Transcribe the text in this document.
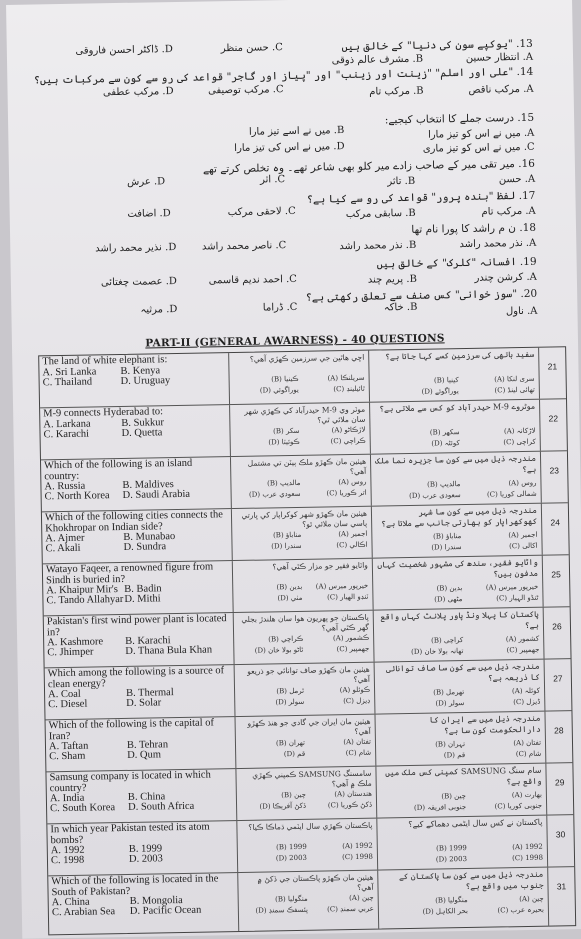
13. "یوکپے سون کی دنیا" کے خالق ہیں
A. انتظار حسین
B. مشرف عالم ذوقی
C. حسن منظر
D. ڈاکٹر احسن فاروقی
14. "علی اور اسلم" "زینت اور زینب" اور "پیاز اور گاجر" قواعد کی رو سے کون سے مرکبات ہیں؟
A. مرکب ناقص
B. مرکب تام
C. مرکب توصیفی
D. مرکب عطفی
15. درست جملے کا انتخاب کیجیے:
A. میں نے اس کو تیز مارا
C. میں نے اس کو تیز ماری
B. میں نے اسے تیز مارا
D. میں نے اس کی تیز مارا
16. میر تقی میر کے صاحب زادے میر کلو بھی شاعر تھے۔ وہ تخلص کرتے تھے
A. حسن
B. تاثر
C. اثر
D. عرش
17. لفظ "بندہ پرور" قواعد کی رو سے کیا ہے؟
A. مرکب تام
B. سابقی مرکب
C. لاحقی مرکب
D. اضافت
18. ن م راشد کا پورا نام تھا
A. نذر محمد راشد
B. نذر محمد راشد
C. ناصر محمد راشد
D. نذیر محمد راشد
19. افسانہ "کلرک" کے خالق ہیں
A. کرشن چندر
B. پریم چند
C. احمد ندیم قاسمی
D. عصمت چغتائی
20. "سوز خوانی" کس صنف سے تعلق رکھتی ہے؟
A. ناول
B. خاکہ
C. ڈراما
D. مرثیہ
PART-II (GENERAL AWARNESS) - 40 QUESTIONS
The land of white elephant is:
A. Sri Lanka B. Kenya
C. Thailand	D. Uruguay
اڇي هاٿين جي سرزمين ڪهڙي آهي؟
سريلنڪا (A)
ڪينيا (B)
ٿائيلينڊ (C)
يوراگوئي (D)
سفید ہاتھی کی سرزمین کسے کہا جاتا ہے؟
سری لنکا (A)
کینیا (B)
تھائی لینڈ (C)
یوراگوئے (D)
21
M-9 connects Hyderabad to:
A. Larkana	B. Sukkur
C. Karachi	D. Quetta
موٽر وي M-9 حيدرآباد کي ڪهڙي شهر سان ملائي ٿي؟
لاڙڪاڻو (A)
سکر (B)
ڪراچي (C)
ڪوئيٽا (D)
موٹروے M-9 حیدرآباد کو کس سے ملاتی ہے؟
لاڑکانہ (A)
سکھر (B)
کراچی (C)
کوئٹہ (D)
22
Which of the following is an island country:
A. Russia	B. Maldives
C. North Korea D. Saudi Arabia
هيٺين مان ڪهڙو ملڪ ٻيٽن تي مشتمل آهي؟
روس (A)
مالديپ (B)
اتر ڪوريا (C)
سعودي عرب (D)
مندرجہ ذیل میں سے کون سا جزیرہ نما ملک ہے؟
روس (A)
مالدیپ (B)
شمالی کوریا (C)
سعودی عرب (D)
23
Which of the following cities connects the Khokhropar on Indian side?
A. Ajmer	B. Munabao
C. Akali	D. Sundra
هيٺين مان ڪهڙو شهر کوکراپار کي ڀارتي پاسي سان ملائي ٿو؟
اجمير (A)
مناباؤ (B)
اڪالي (C)
سندرا (D)
مندرجہ ذیل میں سے کون سا شہر کھوکھراپار کو بھارتی جانب سے ملاتا ہے؟
اجمیر (A)
مناباؤ (B)
اکالی (C)
سندرا (D)
24
Watayo Faqeer, a renowned figure from Sindh is buried in?
A. Khaipur Mir's B. Badin
C. Tando Allahyar D. Mithi
واٽايو فقير جو مزار ڪٿي آهي؟
خيرپور ميرس (A)
بدين (B)
ٽنڊو الهيار (C)
مٺي (D)
واٹایو فقیر، سندھ کی مشہور شخصیت کہاں مدفون ہیں؟
خیرپور میرس (A)
بدین (B)
ٹنڈو الہیار (C)
مٹھی (D)
25
Pakistan's first wind power plant is located in?
A. Kashmore B. Karachi
C. Jhimper	D. Thana Bula Khan
پاڪستان جو پهريون هوا سان هلندڙ بجلي گهر ڪٿي آهي؟
ڪشمور (A)
ڪراچي (B)
جهمپير (C)
ٿاڻو بولا خان (D)
پاکستان کا پہلا ونڈ پاور پلانٹ کہاں واقع ہے؟
کشمور (A)
کراچی (B)
جھمپیر (C)
تھانہ بولا خان (D)
26
Which among the following is a source of clean energy?
A. Coal	B. Thermal
C. Diesel	D. Solar
هيٺين مان ڪهڙو صاف توانائي جو ذريعو آهي؟
ڪوئلو (A)
ٿرمل (B)
ڊيزل (C)
سولر (D)
مندرجہ ذیل میں سے کون سا صاف توانائی کا ذریعہ ہے؟
کوئلہ (A)
تھرمل (B)
ڈیزل (C)
سولر (D)
27
Which of the following is the capital of Iran?
A. Taftan	B. Tehran
C. Sham	D. Qum
هيٺين مان ايران جي گادي جو هنڌ ڪهڙو آهي؟
تفتان (A)
تهران (B)
شام (C)
قم (D)
مندرجہ ذیل میں سے ایران کا دارالحکومت کون سا ہے؟
تفتان (A)
تہران (B)
شام (C)
قم (D)
28
Samsung company is located in which country?
A. India	B. China
C. South Korea D. South Africa
سامسنگ SAMSUNG ڪمپني ڪهڙي ملڪ ۾ آهي؟
هندستان (A)
چين (B)
ڏکڻ ڪوريا (C)
ڏکڻ آفريڪا (D)
سام سنگ SAMSUNG کمپنی کس ملک میں واقع ہے؟
بھارت (A)
چین (B)
جنوبی کوریا (C)
جنوبی افریقہ (D)
29
In which year Pakistan tested its atom bombs?
A. 1992	B. 1999
C. 1998	D. 2003
پاڪستان ڪهڙي سال ايٽمي ڌماڪا ڪيا؟
1992 (A)
1999 (B)
1998 (C)
2003 (D)
پاکستان نے کس سال ایٹمی دھماکے کیے؟
1992 (A)
1999 (B)
1998 (C)
2003 (D)
30
Which of the following is located in the South of Pakistan?
A. China	B. Mongolia
C. Arabian Sea D. Pacific Ocean
هيٺين مان ڪهڙو پاڪستان جي ڏکڻ ۾ آهي؟
چين (A)
منگوليا (B)
عربي سمنڊ (C)
پئسفڪ سمنڊ (D)
مندرجہ ذیل میں سے کون سا پاکستان کے جنوب میں واقع ہے؟
چین (A)
منگولیا (B)
بحیرہ عرب (C)
بحر الکاہل (D)
31
